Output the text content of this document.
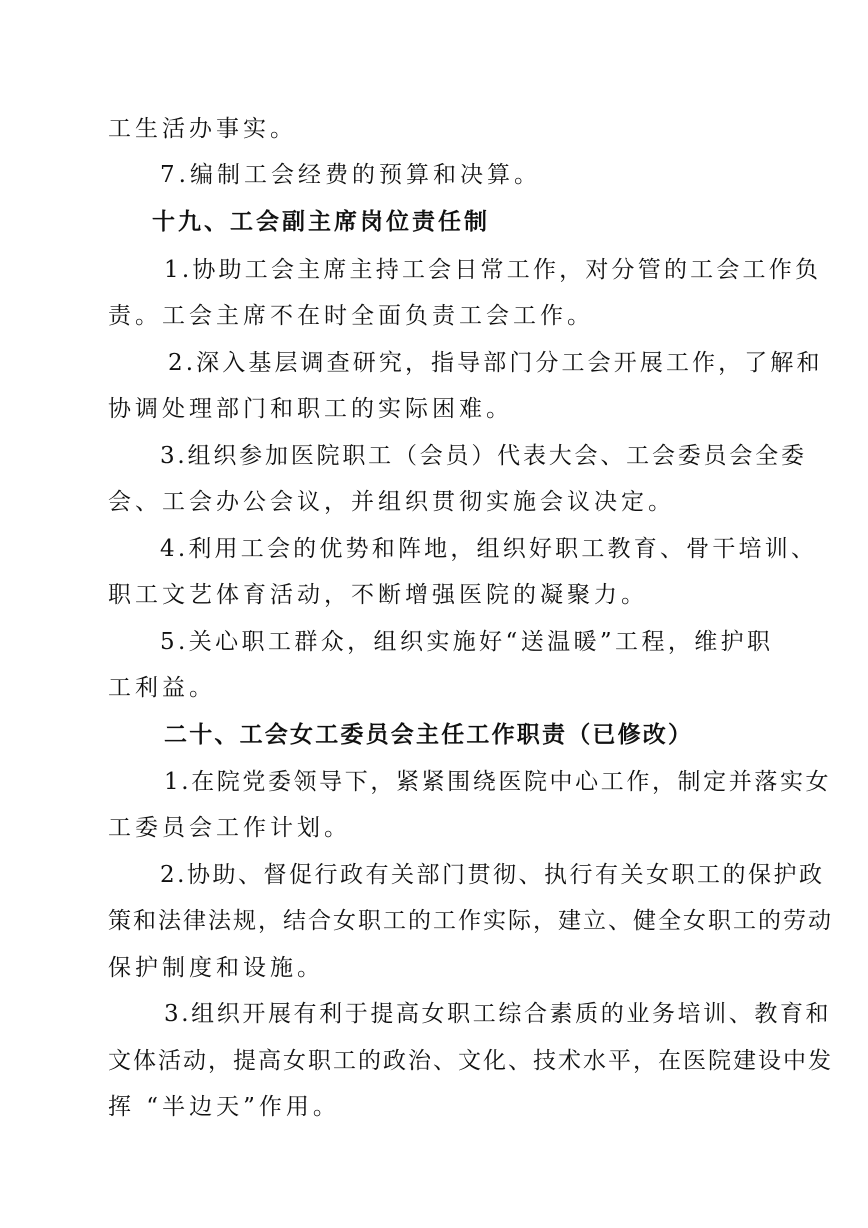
工生活办事实。
7.编制工会经费的预算和决算。
十九、工会副主席岗位责任制
1.协助工会主席主持工会日常工作，对分管的工会工作负
责。工会主席不在时全面负责工会工作。
2.深入基层调查研究，指导部门分工会开展工作，了解和
协调处理部门和职工的实际困难。
3.组织参加医院职工（会员）代表大会、工会委员会全委
会、工会办公会议，并组织贯彻实施会议决定。
4.利用工会的优势和阵地，组织好职工教育、骨干培训、
职工文艺体育活动，不断增强医院的凝聚力。
5.关心职工群众，组织实施好“送温暖”工程，维护职
工利益。
二十、工会女工委员会主任工作职责（已修改）
1.在院党委领导下，紧紧围绕医院中心工作，制定并落实女
工委员会工作计划。
2.协助、督促行政有关部门贯彻、执行有关女职工的保护政
策和法律法规，结合女职工的工作实际，建立、健全女职工的劳动
保护制度和设施。
3.组织开展有利于提高女职工综合素质的业务培训、教育和
文体活动，提高女职工的政治、文化、技术水平，在医院建设中发
挥 “半边天”作用。
